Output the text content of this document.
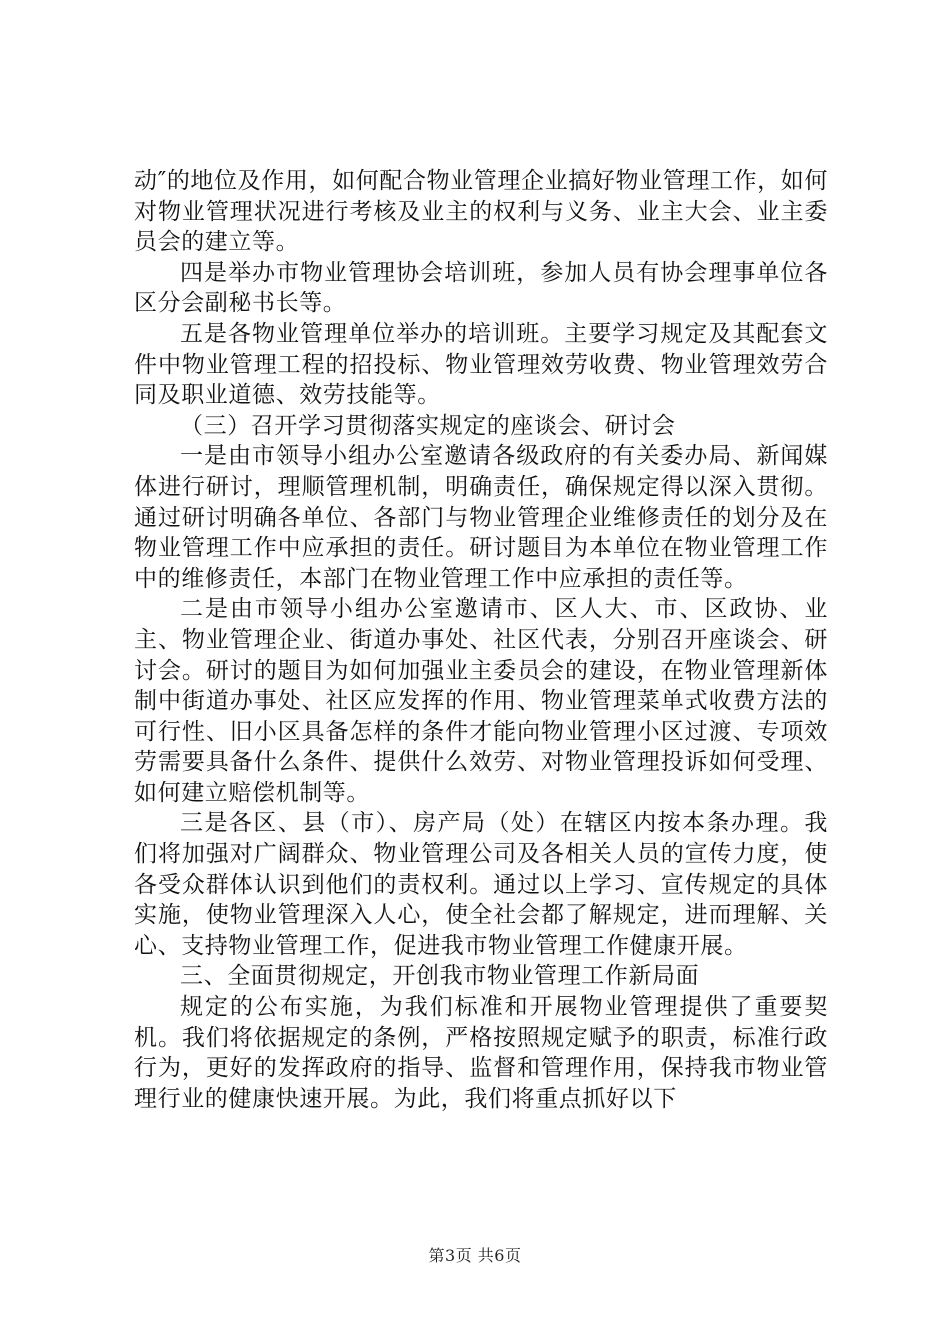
动″的地位及作用，如何配合物业管理企业搞好物业管理工作，如何对物业管理状况进行考核及业主的权利与义务、业主大会、业主委员会的建立等。

四是举办市物业管理协会培训班，参加人员有协会理事单位各区分会副秘书长等。

五是各物业管理单位举办的培训班。主要学习规定及其配套文件中物业管理工程的招投标、物业管理效劳收费、物业管理效劳合同及职业道德、效劳技能等。

（三）召开学习贯彻落实规定的座谈会、研讨会

一是由市领导小组办公室邀请各级政府的有关委办局、新闻媒体进行研讨，理顺管理机制，明确责任，确保规定得以深入贯彻。通过研讨明确各单位、各部门与物业管理企业维修责任的划分及在物业管理工作中应承担的责任。研讨题目为本单位在物业管理工作中的维修责任，本部门在物业管理工作中应承担的责任等。

二是由市领导小组办公室邀请市、区人大、市、区政协、业主、物业管理企业、街道办事处、社区代表，分别召开座谈会、研讨会。研讨的题目为如何加强业主委员会的建设，在物业管理新体制中街道办事处、社区应发挥的作用、物业管理菜单式收费方法的可行性、旧小区具备怎样的条件才能向物业管理小区过渡、专项效劳需要具备什么条件、提供什么效劳、对物业管理投诉如何受理、如何建立赔偿机制等。

三是各区、县（市）、房产局（处）在辖区内按本条办理。我们将加强对广阔群众、物业管理公司及各相关人员的宣传力度，使各受众群体认识到他们的责权利。通过以上学习、宣传规定的具体实施，使物业管理深入人心，使全社会都了解规定，进而理解、关心、支持物业管理工作，促进我市物业管理工作健康开展。

三、全面贯彻规定，开创我市物业管理工作新局面

规定的公布实施，为我们标准和开展物业管理提供了重要契机。我们将依据规定的条例，严格按照规定赋予的职责，标准行政行为，更好的发挥政府的指导、监督和管理作用，保持我市物业管理行业的健康快速开展。为此，我们将重点抓好以下

第3页 共6页
